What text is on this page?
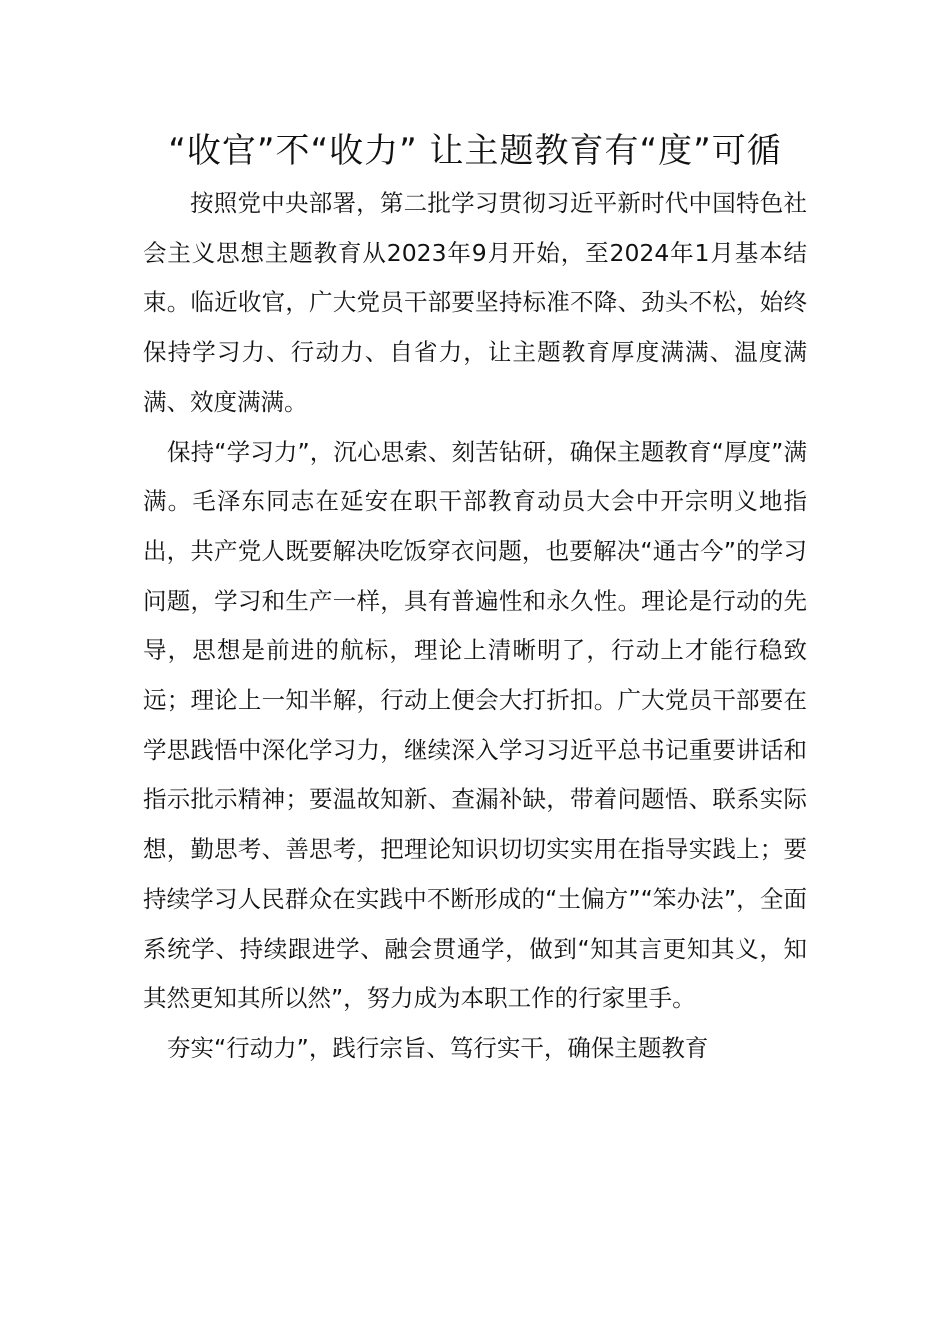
“收官”不“收力” 让主题教育有“度”可循

按照党中央部署，第二批学习贯彻习近平新时代中国特色社会主义思想主题教育从2023年9月开始，至2024年1月基本结束。临近收官，广大党员干部要坚持标准不降、劲头不松，始终保持学习力、行动力、自省力，让主题教育厚度满满、温度满满、效度满满。

保持“学习力”，沉心思索、刻苦钻研，确保主题教育“厚度”满满。毛泽东同志在延安在职干部教育动员大会中开宗明义地指出，共产党人既要解决吃饭穿衣问题，也要解决“通古今”的学习问题，学习和生产一样，具有普遍性和永久性。理论是行动的先导，思想是前进的航标，理论上清晰明了，行动上才能行稳致远；理论上一知半解，行动上便会大打折扣。广大党员干部要在学思践悟中深化学习力，继续深入学习习近平总书记重要讲话和指示批示精神；要温故知新、查漏补缺，带着问题悟、联系实际想，勤思考、善思考，把理论知识切切实实用在指导实践上；要持续学习人民群众在实践中不断形成的“土偏方”“笨办法”，全面系统学、持续跟进学、融会贯通学，做到“知其言更知其义，知其然更知其所以然”，努力成为本职工作的行家里手。

夯实“行动力”，践行宗旨、笃行实干，确保主题教育
